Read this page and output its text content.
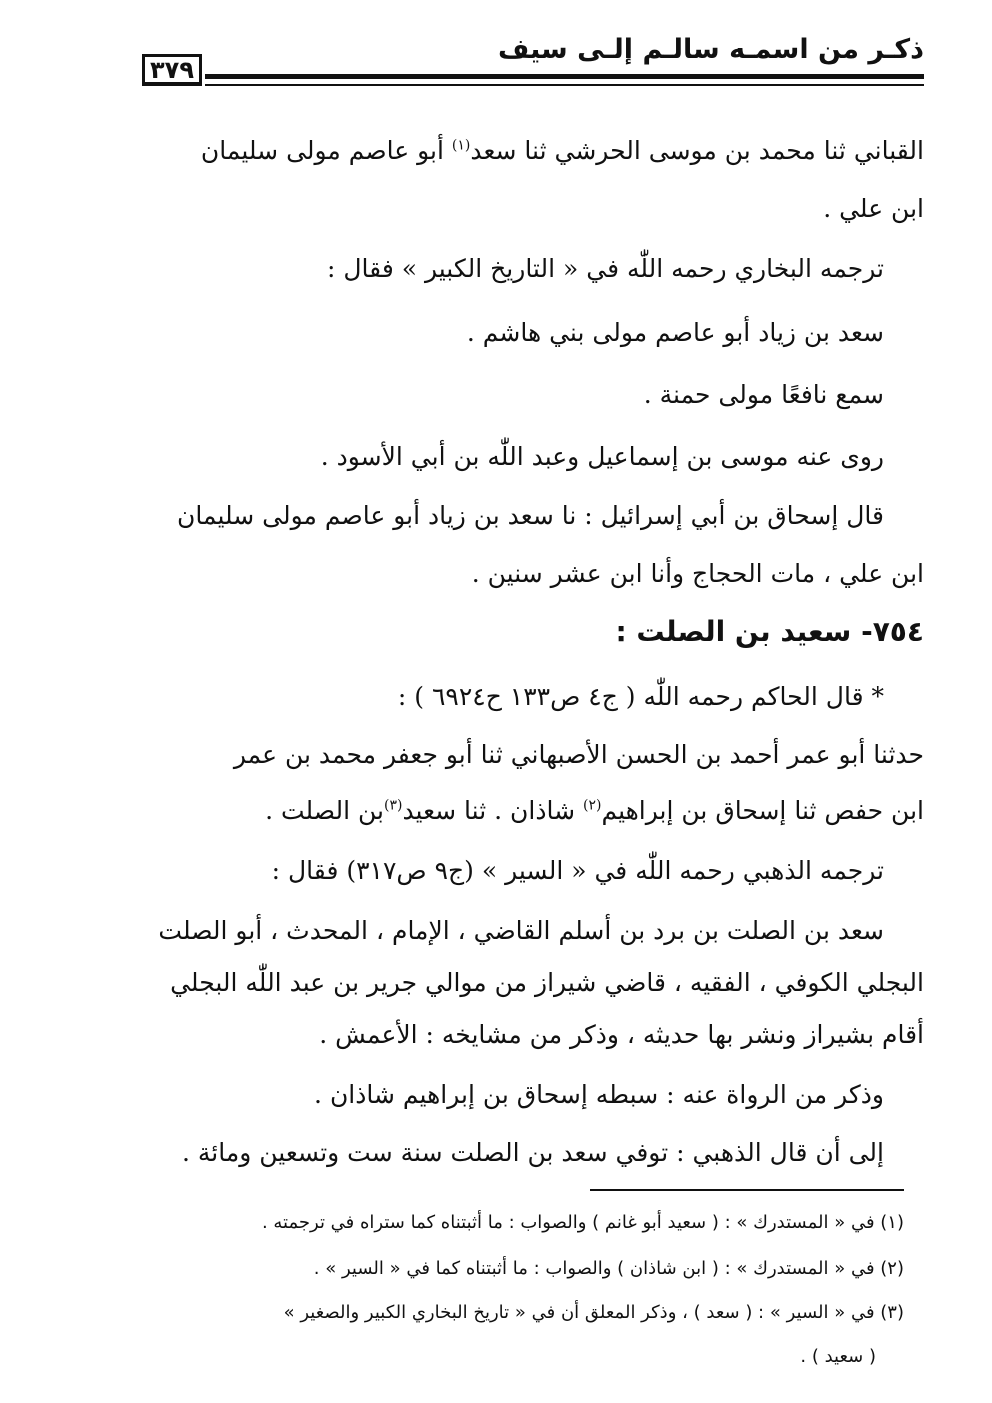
ذكـر من اسمـه سالـم إلـى سيف
٣٧٩
القباني ثنا محمد بن موسى الحرشي ثنا سعد$^{(١)}$ أبو عاصم مولى سليمان
ابن علي .
ترجمه البخاري رحمه اللّٰه في « التاريخ الكبير » فقال :
سعد بن زياد أبو عاصم مولى بني هاشم .
سمع نافعًا مولى حمنة .
روى عنه موسى بن إسماعيل وعبد اللّٰه بن أبي الأسود .
قال إسحاق بن أبي إسرائيل : نا سعد بن زياد أبو عاصم مولى سليمان
ابن علي ، مات الحجاج وأنا ابن عشر سنين .
٧٥٤- سعيد بن الصلت :
* قال الحاكم رحمه اللّٰه ( ج٤ ص١٣٣ ح٦٩٢٤ ) :
حدثنا أبو عمر أحمد بن الحسن الأصبهاني ثنا أبو جعفر محمد بن عمر
ابن حفص ثنا إسحاق بن إبراهيم$^{(٢)}$ شاذان . ثنا سعيد$^{(٣)}$بن الصلت .
ترجمه الذهبي رحمه اللّٰه في « السير » (ج٩ ص٣١٧) فقال :
سعد بن الصلت بن برد بن أسلم القاضي ، الإمام ، المحدث ، أبو الصلت
البجلي الكوفي ، الفقيه ، قاضي شيراز من موالي جرير بن عبد اللّٰه البجلي
أقام بشيراز ونشر بها حديثه ، وذكر من مشايخه : الأعمش .
وذكر من الرواة عنه : سبطه إسحاق بن إبراهيم شاذان .
إلى أن قال الذهبي : توفي سعد بن الصلت سنة ست وتسعين ومائة .
(١) في « المستدرك » : ( سعيد أبو غانم ) والصواب : ما أثبتناه كما ستراه في ترجمته .
(٢) في « المستدرك » : ( ابن شاذان ) والصواب : ما أثبتناه كما في « السير » .
(٣) في « السير » : ( سعد ) ، وذكر المعلق أن في « تاريخ البخاري الكبير والصغير »
( سعيد ) .
